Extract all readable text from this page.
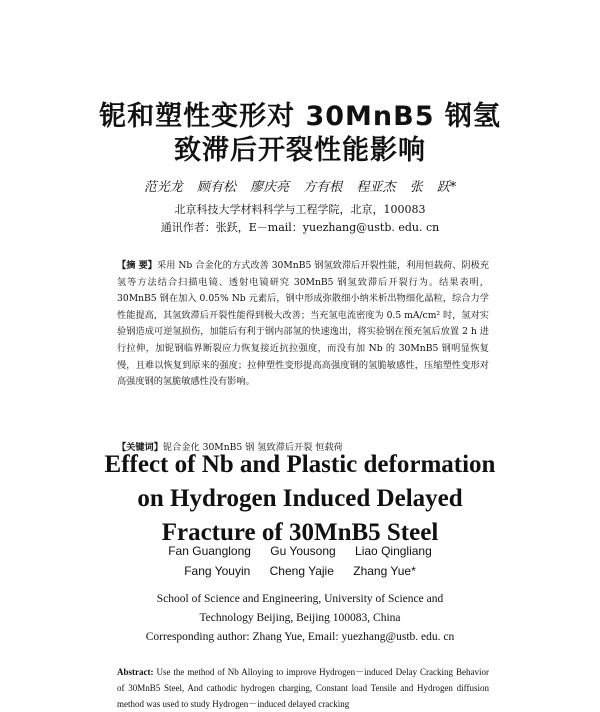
铌和塑性变形对 30MnB5 钢氢
致滞后开裂性能影响
范光龙 顾有松 廖庆亮 方有根 程亚杰 张 跃*
北京科技大学材料科学与工程学院，北京，100083
通讯作者：张跃，E－mail：yuezhang@ustb. edu. cn
【摘 要】采用 Nb 合金化的方式改善 30MnB5 钢氢致滞后开裂性能，利用恒载荷、阴极充氢等方法结合扫描电镜、透射电镜研究 30MnB5 钢氢致滞后开裂行为。结果表明，30MnB5 钢在加入 0.05% Nb 元素后，钢中形成弥散细小纳米析出物细化晶粒，综合力学性能提高，其氢致滞后开裂性能得到极大改善；当充氢电流密度为 0.5 mA/cm² 时，氢对实验钢造成可逆氢损伤，加能后有利于钢内部氢的快速逸出，将实验钢在预充氢后放置 2 h 进行拉伸，加铌钢临界断裂应力恢复接近抗拉强度，而没有加 Nb 的 30MnB5 钢明显恢复慢，且难以恢复到原来的强度；拉伸塑性变形提高高强度钢的氢脆敏感性，压缩塑性变形对高强度钢的氢脆敏感性没有影响。
【关键词】铌合金化 30MnB5 钢 氢致滞后开裂 恒载荷
Effect of Nb and Plastic deformation
on Hydrogen Induced Delayed
Fracture of 30MnB5 Steel
Fan Guanglong Gu Yousong Liao Qingliang
Fang Youyin Cheng Yajie Zhang Yue*
School of Science and Engineering, University of Science and
Technology Beijing, Beijing 100083, China
Corresponding author: Zhang Yue, Email: yuezhang@ustb. edu. cn
Abstract: Use the method of Nb Alloying to improve Hydrogen－induced Delay Cracking Behavior of 30MnB5 Steel, And cathodic hydrogen charging, Constant load Tensile and Hydrogen diffusion method was used to study Hydrogen－induced delayed cracking
